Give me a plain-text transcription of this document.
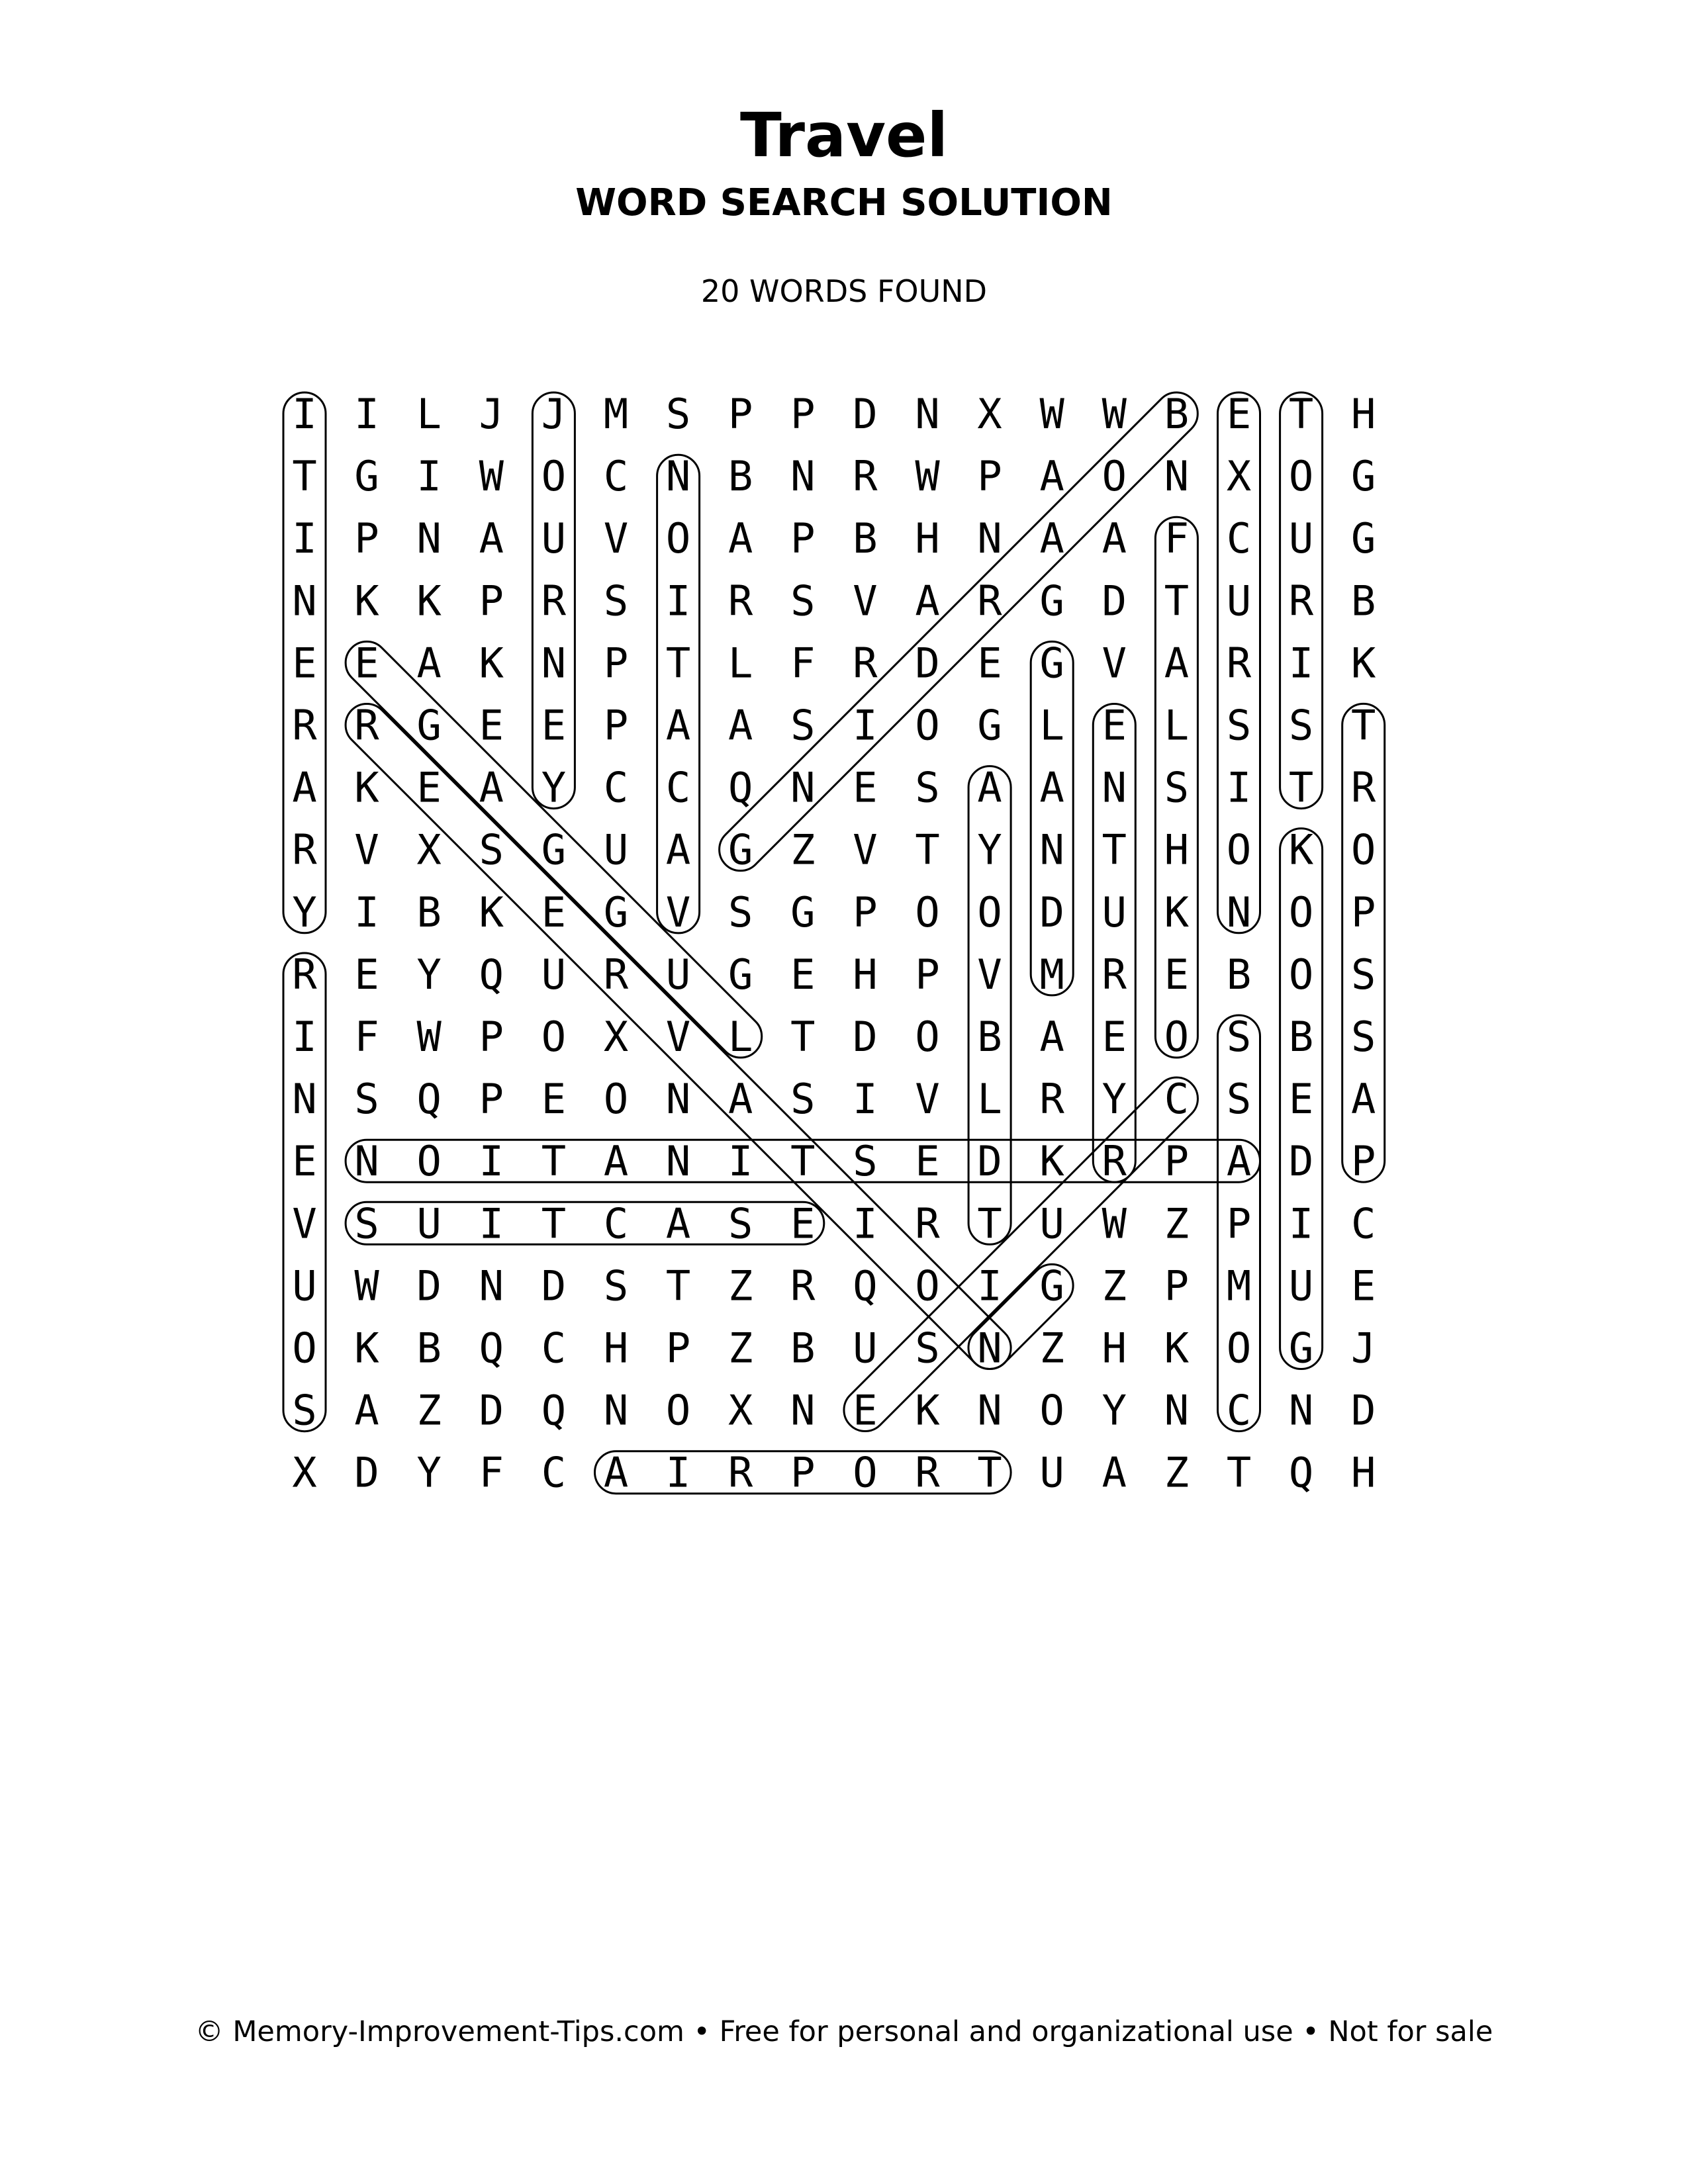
Travel
WORD SEARCH SOLUTION
20 WORDS FOUND
I I L J J M S P P D N X W W B E T H
T G I W O C N B N R W P A O N X O G
I P N A U V O A P B H N A A F C U G
N K K P R S I R S V A R G D T U R B
E E A K N P T L F R D E G V A R I K
R R G E E P A A S I O G L E L S S T
A K E A Y C C Q N E S A A N S I T R
R V X S G U A G Z V T Y N T H O K O
Y I B K E G V S G P O O D U K N O P
R E Y Q U R U G E H P V M R E B O S
I F W P O X V L T D O B A E O S B S
N S Q P E O N A S I V L R Y C S E A
E N O I T A N I T S E D K R P A D P
V S U I T C A S E I R T U W Z P I C
U W D N D S T Z R Q O I G Z P M U E
O K B Q C H P Z B U S N Z H K O G J
S A Z D Q N O X N E K N O Y N C N D
X D Y F C A I R P O R T U A Z T Q H
© Memory-Improvement-Tips.com • Free for personal and organizational use • Not for sale
